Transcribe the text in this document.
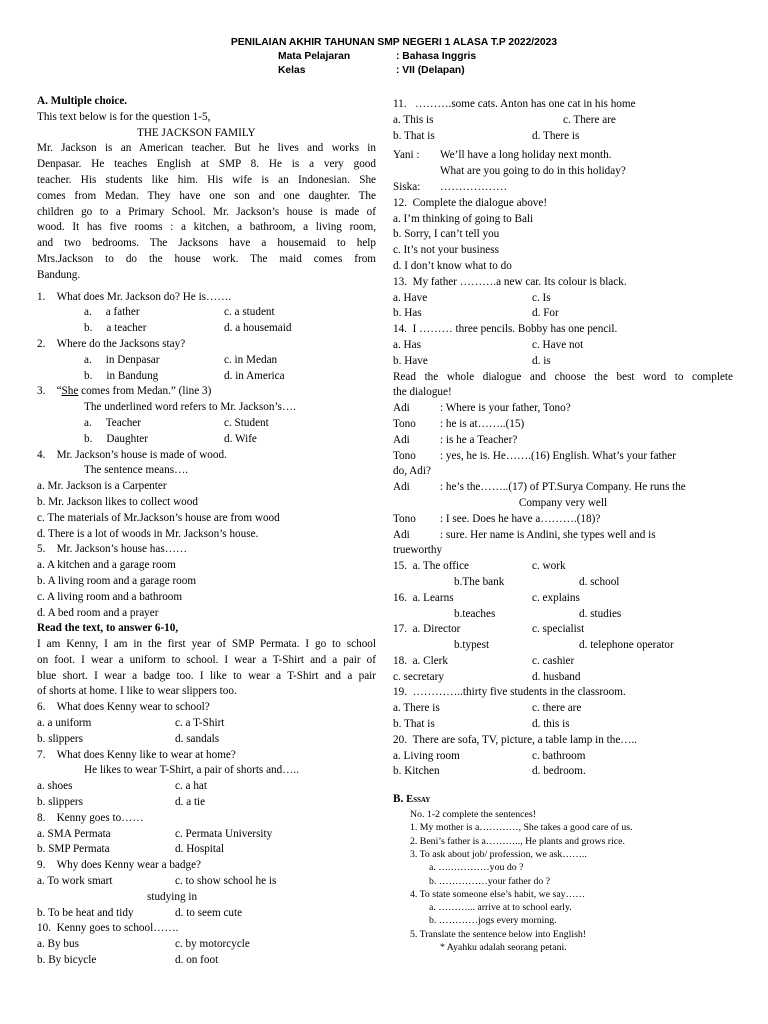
PENILAIAN AKHIR TAHUNAN SMP NEGERI 1 ALASA T.P 2022/2023
Mata Pelajaran	: Bahasa Inggris
Kelas	: VII (Delapan)
A. Multiple choice.
This text below is for the question 1-5,
THE JACKSON FAMILY
Mr. Jackson is an American teacher. But he lives and works in
Denpasar. He teaches English at SMP 8. He is a very good
teacher. His students like him. His wife is an Indonesian. She
comes from Medan. They have one son and one daughter. The
children go to a Primary School. Mr. Jackson’s house is made of
wood. It has five rooms : a kitchen, a bathroom, a living room,
and two bedrooms. The Jacksons have a housemaid to help
Mrs.Jackson to do the house work. The maid comes from
Bandung.
1.    What does Mr. Jackson do? He is…….
a.     a father	c. a student
b.     a teacher	d. a housemaid
2.    Where do the Jacksons stay?
a.     in Denpasar	c. in Medan
b.     in Bandung	d. in America
3.    “She comes from Medan.” (line 3)
The underlined word refers to Mr. Jackson’s….
a.     Teacher	c. Student
b.     Daughter	d. Wife
4.    Mr. Jackson’s house is made of wood.
The sentence means….
a. Mr. Jackson is a Carpenter
b. Mr. Jackson likes to collect wood
c. The materials of Mr.Jackson’s house are from wood
d. There is a lot of woods in Mr. Jackson’s house.
5.    Mr. Jackson’s house has……
a. A kitchen and a garage room
b. A living room and a garage room
c. A living room and a bathroom
d. A bed room and a prayer
Read the text, to answer 6-10,
I am Kenny, I am in the first year of SMP Permata. I go to school
on foot. I wear a uniform to school. I wear a T-Shirt and a pair of
blue short. I wear a badge too. I like to wear a T-Shirt and a pair
of shorts at home. I like to wear slippers too.
6.    What does Kenny wear to school?
a. a uniform	c. a T-Shirt
b. slippers	d. sandals
7.    What does Kenny like to wear at home?
He likes to wear T-Shirt, a pair of shorts and…..
a. shoes	c. a hat
b. slippers	d. a tie
8.    Kenny goes to……
a. SMA Permata	c. Permata University
b. SMP Permata	d. Hospital
9.    Why does Kenny wear a badge?
a. To work smart	c. to show school he is
studying in
b. To be heat and tidy	d. to seem cute
10.  Kenny goes to school…….
a. By bus	c. by motorcycle
b. By bicycle	d. on foot
11.   ……….some cats. Anton has one cat in his home
a. This is	c. There are
b. That is	d. There is
Yani : We’ll have a long holiday next month.
What are you going to do in this holiday?
Siska: ………………
12.  Complete the dialogue above!
a. I’m thinking of going to Bali
b. Sorry, I can’t tell you
c. It’s not your business
d. I don’t know what to do
13.  My father ……….a new car. Its colour is black.
a. Have	c. Is
b. Has	d. For
14.  I ……… three pencils. Bobby has one pencil.
a. Has	c. Have not
b. Have	d. is
Read the whole dialogue and choose the best word to complete
the dialogue!
Adi	: Where is your father, Tono?
Tono : he is at……..(15)
Adi	: is he a Teacher?
Tono : yes, he is. He…….(16) English. What’s your father
do, Adi?
Adi	: he’s the……..(17) of PT.Surya Company. He runs the
Company very well
Tono : I see. Does he have a……….(18)?
Adi	: sure. Her name is Andini, she types well and is
trueworthy
15.  a. The office	c. work
b.The bank	d. school
16.  a. Learns	c. explains
b.teaches	d. studies
17.  a. Director	c. specialist
b.typest	d. telephone operator
18.  a. Clerk	c. cashier
c. secretary	d. husband
19.  …………..thirty five students in the classroom.
a. There is	c. there are
b. That is	d. this is
20.  There are sofa, TV, picture, a table lamp in the…..
a. Living room	c. bathroom
b. Kitchen	d. bedroom.
B. Essay
No. 1-2 complete the sentences!
1. My mother is a…………, She takes a good care of us.
2. Beni’s father is a……….., He plants and grows rice.
3. To ask about job/ profession, we ask……..
a. ….…………you do ?
b. ……………your father do ?
4. To state someone else’s habit, we say……
a. ………... arrive at to school early.
b. …………jogs every morning.
5. Translate the sentence below into English!
* Ayahku adalah seorang petani.
